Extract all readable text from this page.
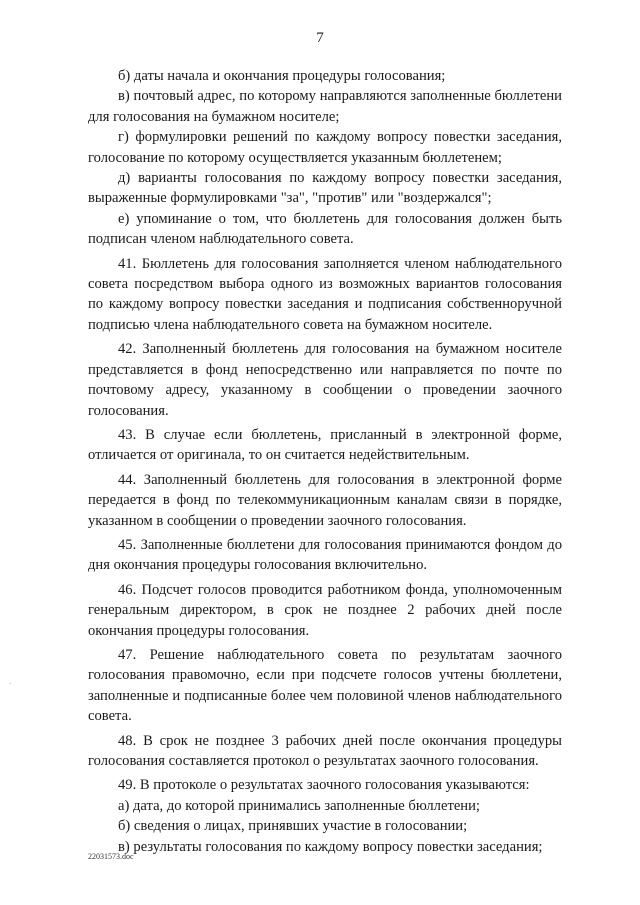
7

б) даты начала и окончания процедуры голосования;

в) почтовый адрес, по которому направляются заполненные бюллетени для голосования на бумажном носителе;

г) формулировки решений по каждому вопросу повестки заседания, голосование по которому осуществляется указанным бюллетенем;

д) варианты голосования по каждому вопросу повестки заседания, выраженные формулировками "за", "против" или "воздержался";

е) упоминание о том, что бюллетень для голосования должен быть подписан членом наблюдательного совета.

41. Бюллетень для голосования заполняется членом наблюдательного совета посредством выбора одного из возможных вариантов голосования по каждому вопросу повестки заседания и подписания собственноручной подписью члена наблюдательного совета на бумажном носителе.

42. Заполненный бюллетень для голосования на бумажном носителе представляется в фонд непосредственно или направляется по почте по почтовому адресу, указанному в сообщении о проведении заочного голосования.

43. В случае если бюллетень, присланный в электронной форме, отличается от оригинала, то он считается недействительным.

44. Заполненный бюллетень для голосования в электронной форме передается в фонд по телекоммуникационным каналам связи в порядке, указанном в сообщении о проведении заочного голосования.

45. Заполненные бюллетени для голосования принимаются фондом до дня окончания процедуры голосования включительно.

46. Подсчет голосов проводится работником фонда, уполномоченным генеральным директором, в срок не позднее 2 рабочих дней после окончания процедуры голосования.

47. Решение наблюдательного совета по результатам заочного голосования правомочно, если при подсчете голосов учтены бюллетени, заполненные и подписанные более чем половиной членов наблюдательного совета.

48. В срок не позднее 3 рабочих дней после окончания процедуры голосования составляется протокол о результатах заочного голосования.

49. В протоколе о результатах заочного голосования указываются:

а) дата, до которой принимались заполненные бюллетени;

б) сведения о лицах, принявших участие в голосовании;

в) результаты голосования по каждому вопросу повестки заседания;

22031573.doc
